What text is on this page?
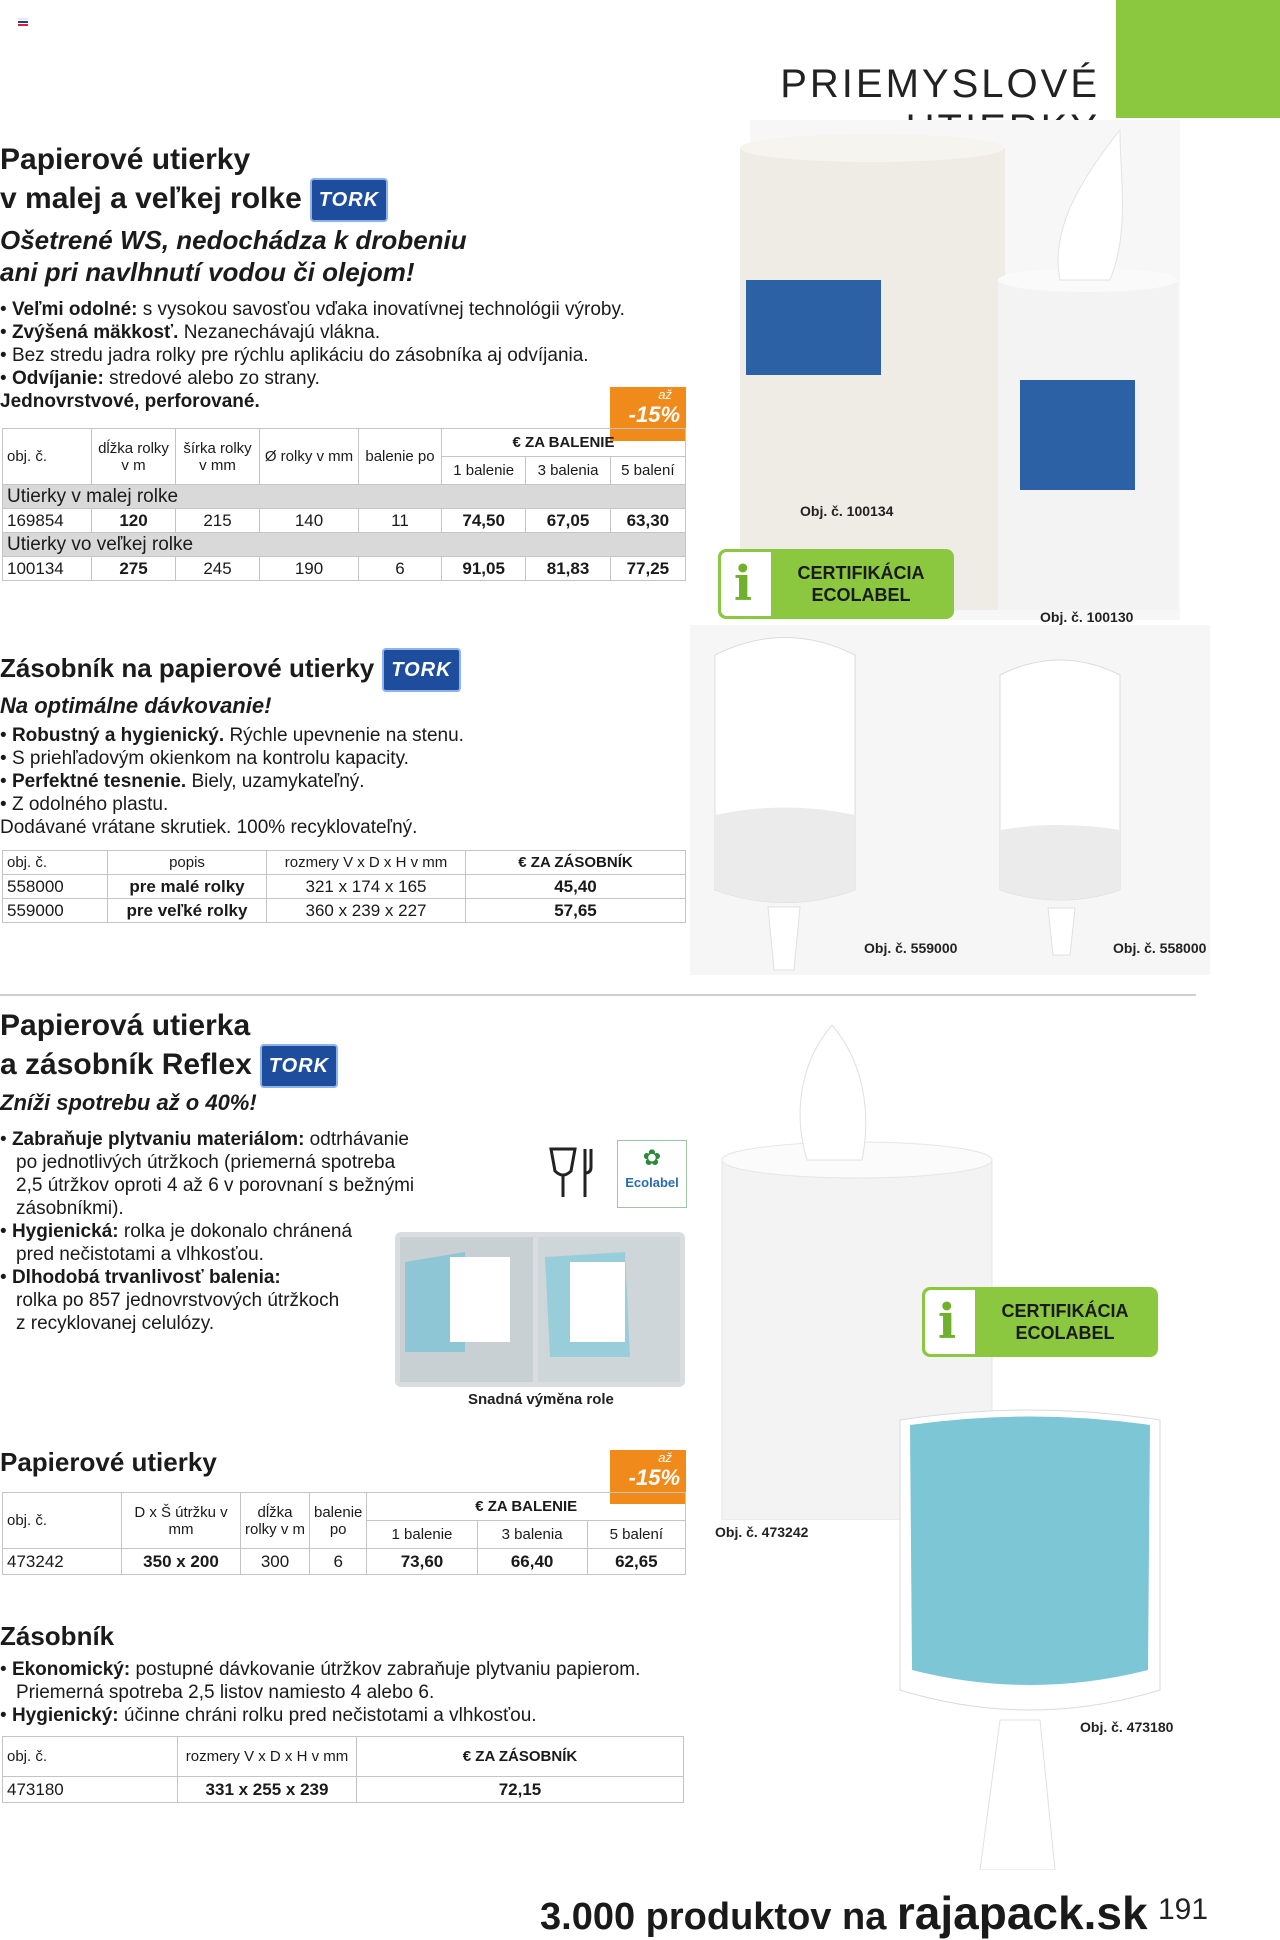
PRIEMYSLOVÉ
Papierové utierky
v malej a veľkej rolke TORK
Ošetrené WS, nedochádza k drobeniu
ani pri navlhnutí vodou či olejom!
• Veľmi odolné: s vysokou savosťou vďaka inovatívnej technológii výroby.
• Zvýšená mäkkosť. Nezanechávajú vlákna.
• Bez stredu jadra rolky pre rýchlu aplikáciu do zásobníka aj odvíjania.
• Odvíjanie: stredové alebo zo strany.
Jednovrstvové, perforované.	až
-15%
obj. č.	dĺžka rolky v m	šírka rolky v mm	Ø rolky v mm	balenie po	€ ZA BALENIE		
					1 balenie	3 balenia	5 balení
Utierky v malej rolke							
169854	120	215	140	11	74,50	67,05	63,30
Utierky vo veľkej rolke							
100134	275	245	190	6	91,05	81,83	77,25
Obj. č. 100134
Obj. č. 100130
i	CERTIFIKÁCIA
ECOLABEL
Zásobník na papierové utierky TORK
Na optimálne dávkovanie!
• Robustný a hygienický. Rýchle upevnenie na stenu.
• S priehľadovým okienkom na kontrolu kapacity.
• Perfektné tesnenie. Biely, uzamykateľný.
• Z odolného plastu.
Dodávané vrátane skrutiek. 100% recyklovateľný.
obj. č.	popis	rozmery V x D x H v mm	€ ZA ZÁSOBNÍK
558000	pre malé rolky	321 x 174 x 165	45,40
559000	pre veľké rolky	360 x 239 x 227	57,65
Obj. č. 559000	Obj. č. 558000
Papierová utierka
a zásobník Reflex TORK
Zníži spotrebu až o 40%!
• Zabraňuje plytvaniu materiálom: odtrhávanie
po jednotlivých útržkoch (priemerná spotreba
2,5 útržkov oproti 4 až 6 v porovnaní s bežnými
zásobníkmi).
• Hygienická: rolka je dokonalo chránená
pred nečistotami a vlhkosťou.
• Dlhodobá trvanlivosť balenia:
rolka po 857 jednovrstvových útržkoch
z recyklovanej celulózy.
✿
Ecolabel
Snadná výměna role
i	CERTIFIKÁCIA
ECOLABEL
Papierové utierky	až
-15%
obj. č.	D x Š útržku v mm	dĺžka rolky v m	balenie po	€ ZA BALENIE		
				1 balenie	3 balenia	5 balení
473242	350 x 200	300	6	73,60	66,40	62,65
Obj. č. 473242
Zásobník
• Ekonomický: postupné dávkovanie útržkov zabraňuje plytvaniu papierom.
Priemerná spotreba 2,5 listov namiesto 4 alebo 6.
• Hygienický: účinne chráni rolku pred nečistotami a vlhkosťou.
obj. č.	rozmery V x D x H v mm	€ ZA ZÁSOBNÍK
473180	331 x 255 x 239	72,15
Obj. č. 473180
3.000 produktov na rajapack.sk 191
